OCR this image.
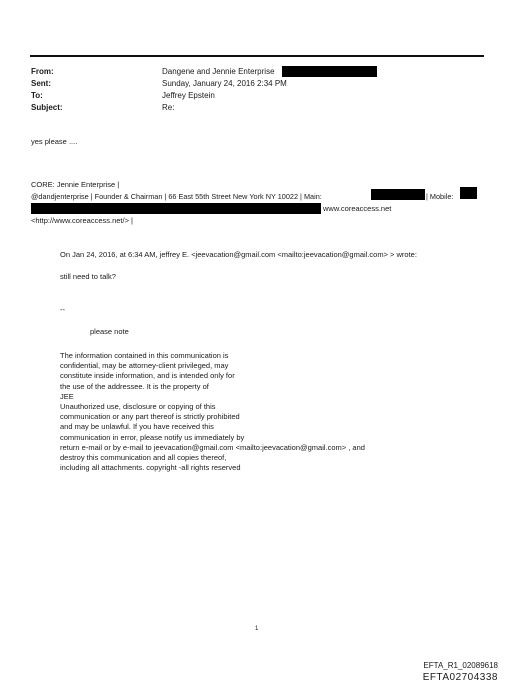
From:	Dangene and Jennie Enterprise
Sent:	Sunday, January 24, 2016 2:34 PM
To:	Jeffrey Epstein
Subject:	Re:
yes please ....
CORE: Jennie Enterprise |
@dandjenterprise | Founder & Chairman | 66 East 55th Street New York NY 10022 | Main:	| Mobile:
www.coreaccess.net
<http://www.coreaccess.net/> |
On Jan 24, 2016, at 6:34 AM, jeffrey E. <jeevacation@gmail.com <mailto:jeevacation@gmail.com> > wrote:
still need to talk?
--
please note
The information contained in this communication is
confidential, may be attorney-client privileged, may
constitute inside information, and is intended only for
the use of the addressee. It is the property of
JEE
Unauthorized use, disclosure or copying of this
communication or any part thereof is strictly prohibited
and may be unlawful. If you have received this
communication in error, please notify us immediately by
return e-mail or by e-mail to jeevacation@gmail.com <mailto:jeevacation@gmail.com> , and
destroy this communication and all copies thereof,
including all attachments. copyright -all rights reserved
1
EFTA_R1_02089618
EFTA02704338
